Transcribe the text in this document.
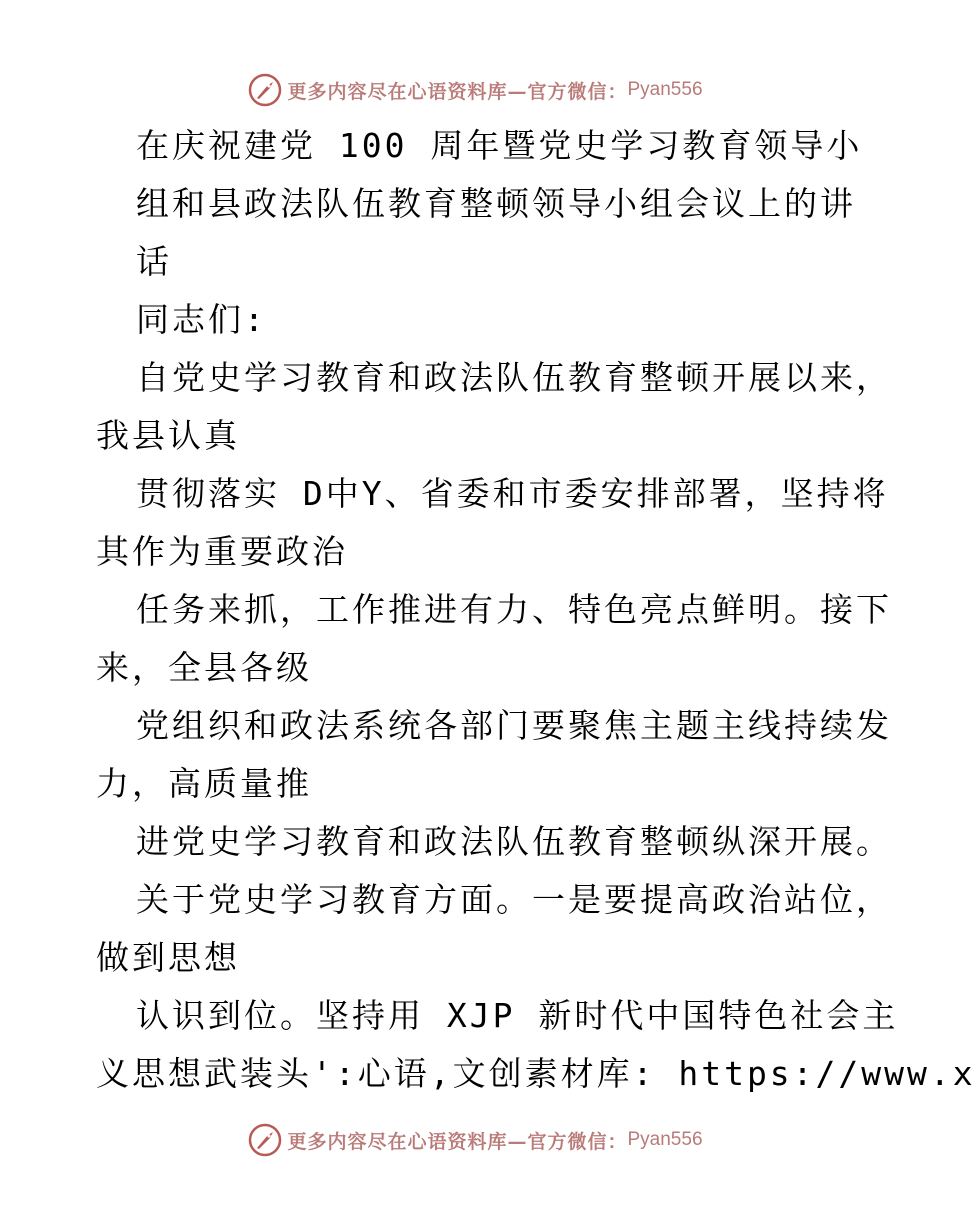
更多内容尽在心语资料库—官方微信： Pyan556
在庆祝建党 100 周年暨党史学习教育领导小
组和县政法队伍教育整顿领导小组会议上的讲
话
同志们:
自党史学习教育和政法队伍教育整顿开展以来，
我县认真
贯彻落实 D中Y、省委和市委安排部署，坚持将
其作为重要政治
任务来抓，工作推进有力、特色亮点鲜明。接下
来，全县各级
党组织和政法系统各部门要聚焦主题主线持续发
力，高质量推
进党史学习教育和政法队伍教育整顿纵深开展。
关于党史学习教育方面。一是要提高政治站位，
做到思想
认识到位。坚持用 XJP 新时代中国特色社会主
义思想武装头':心语,文创素材库: https://www.x
更多内容尽在心语资料库—官方微信： Pyan556
